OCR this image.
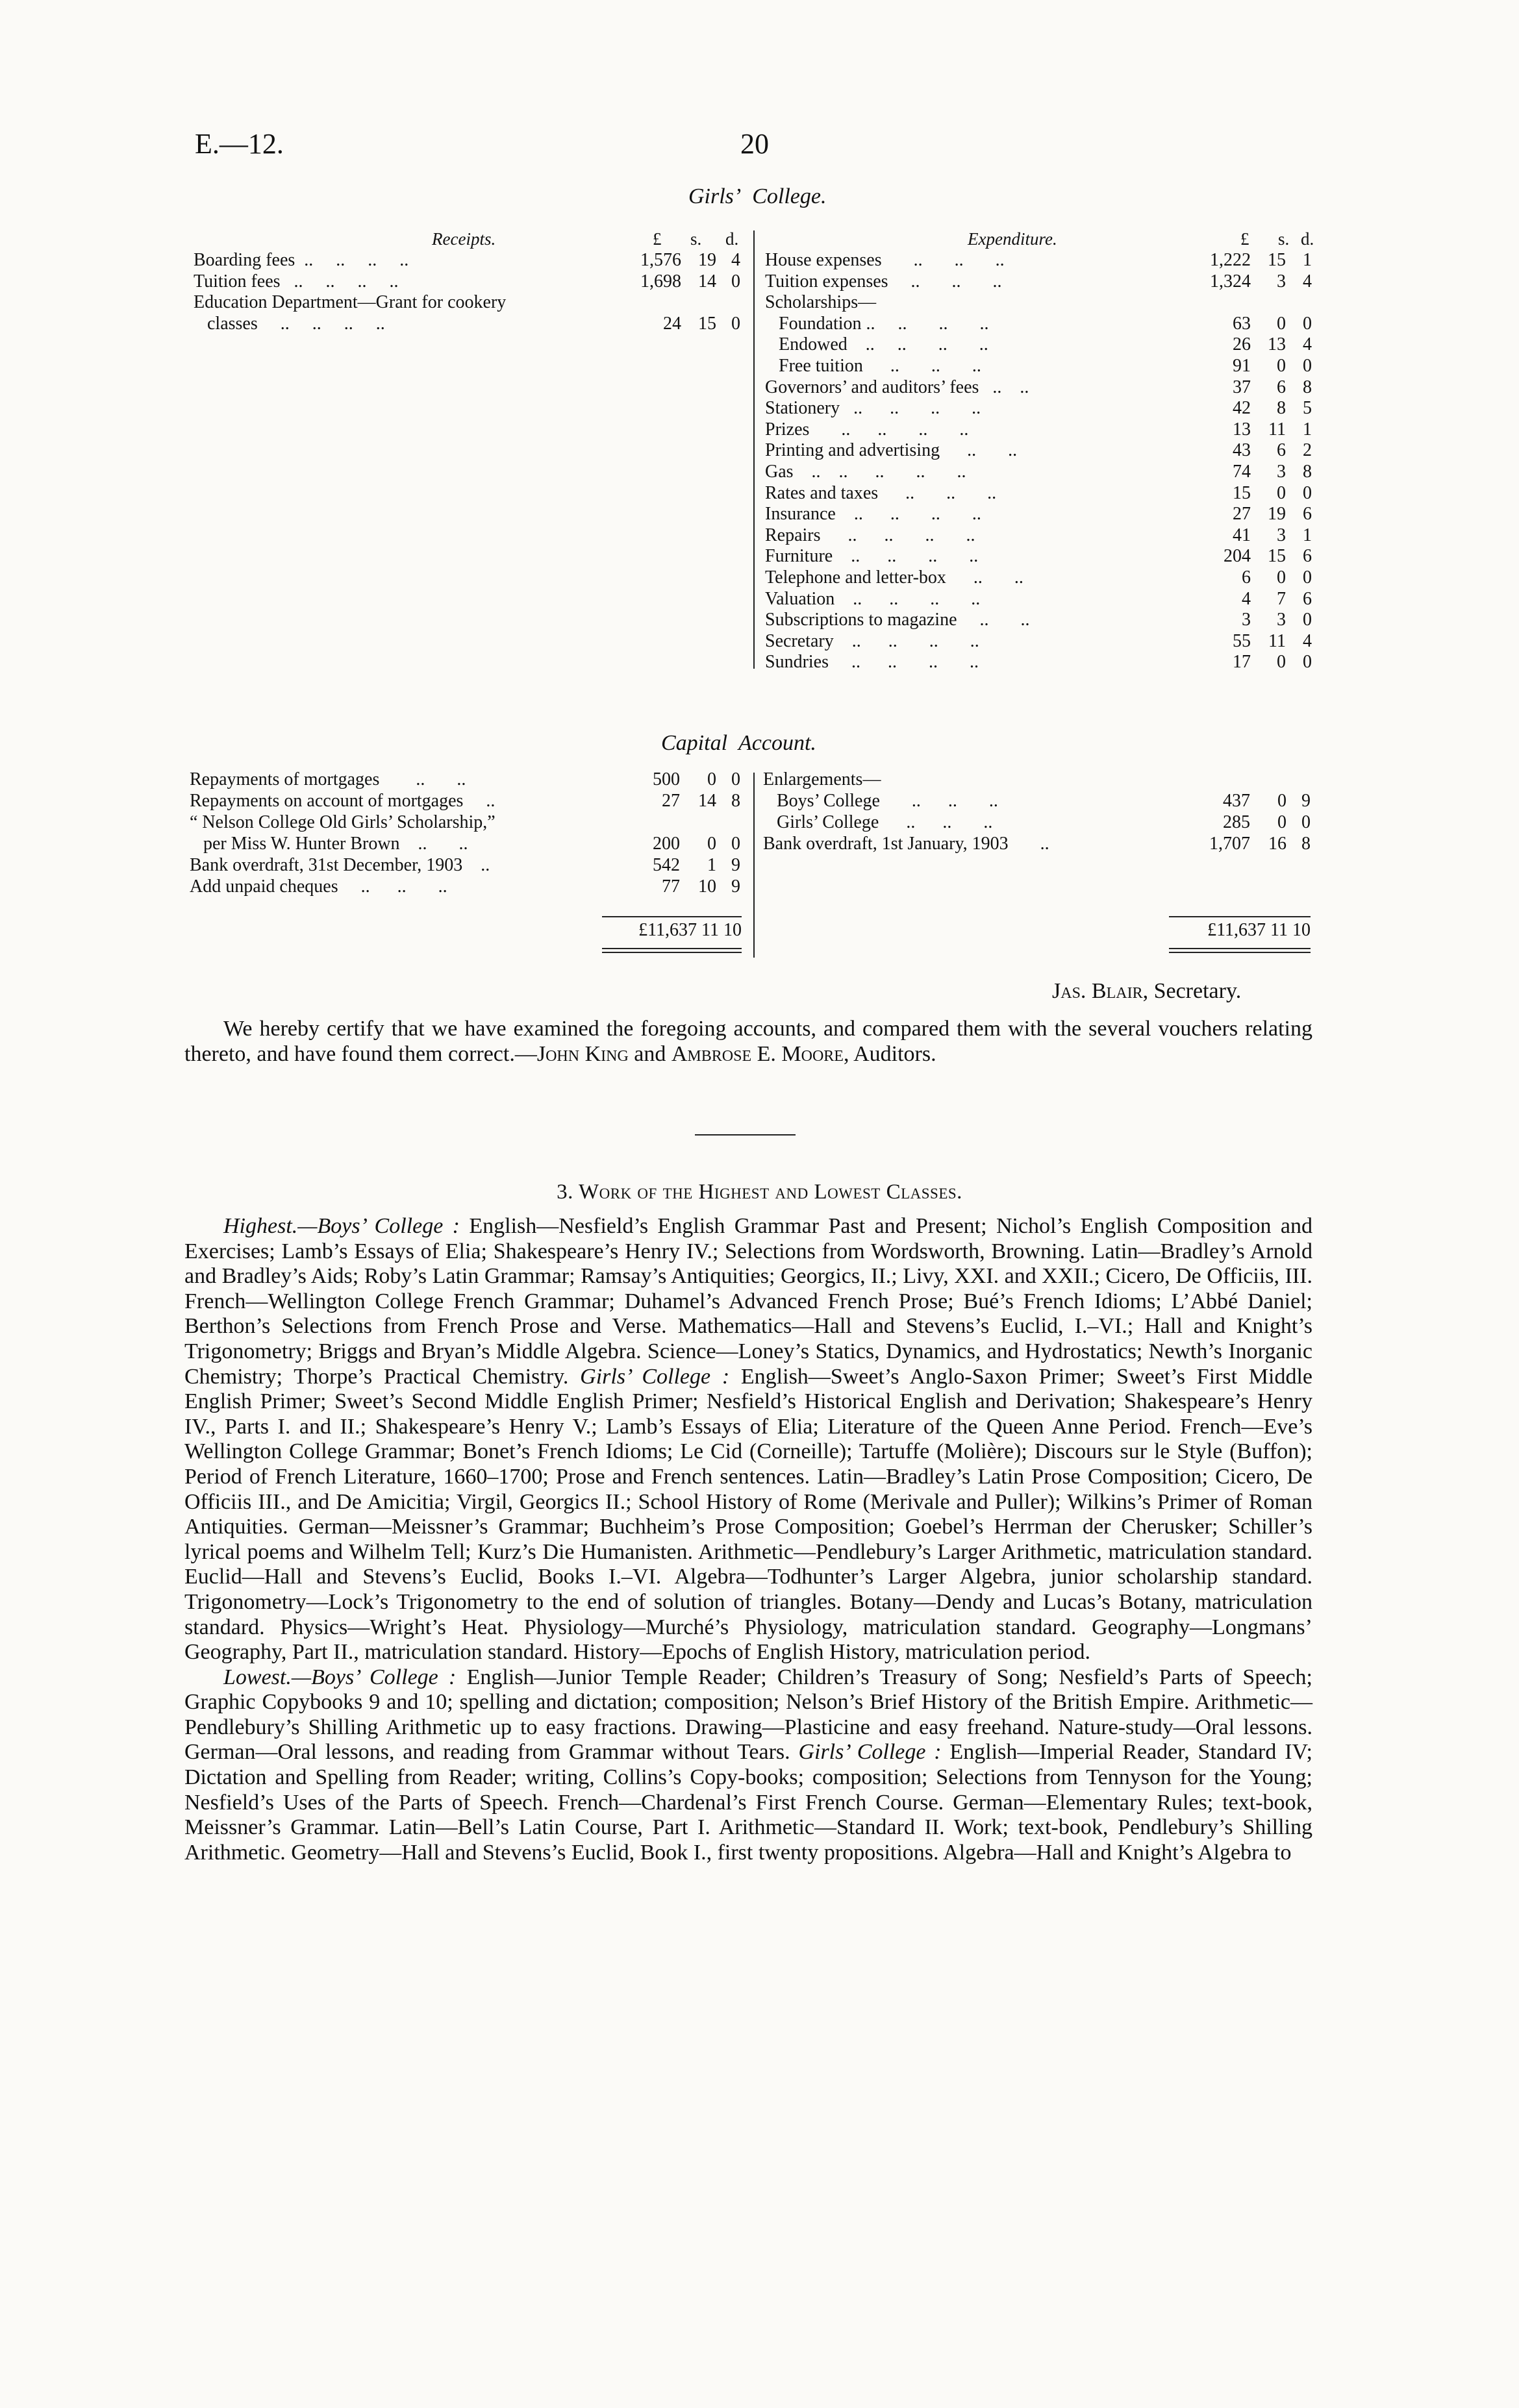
E.—12.	20
Girls’ College.
Receipts.	£ s. d.	Expenditure.	£ s. d.
Boarding fees  ..     ..     ..     ..	1,576 19 4
Tuition fees   ..     ..     ..     ..	1,698 14 0
Education Department—Grant for cookery
classes     ..     ..     ..     ..	24 15 0
House expenses       ..       ..       ..	1,222 15 1
Tuition expenses     ..       ..       ..	1,324 3 4
Scholarships—
Foundation ..     ..       ..       ..	63 0 0
Endowed    ..     ..       ..       ..	26 13 4
Free tuition      ..       ..       ..	91 0 0
Governors’ and auditors’ fees   ..    ..	37 6 8
Stationery   ..      ..       ..       ..	42 8 5
Prizes       ..      ..       ..       ..	13 11 1
Printing and advertising      ..       ..	43 6 2
Gas    ..    ..      ..       ..       ..	74 3 8
Rates and taxes      ..       ..       ..	15 0 0
Insurance    ..      ..       ..       ..	27 19 6
Repairs      ..      ..       ..       ..	41 3 1
Furniture    ..      ..       ..       ..	204 15 6
Telephone and letter-box      ..       ..	6 0 0
Valuation    ..      ..       ..       ..	4 7 6
Subscriptions to magazine     ..       ..	3 3 0
Secretary    ..      ..       ..       ..	55 11 4
Sundries     ..      ..       ..       ..	17 0 0
Capital Account.
Repayments of mortgages        ..       ..	500 0 0
Repayments on account of mortgages     ..	27 14 8
“ Nelson College Old Girls’ Scholarship,”
per Miss W. Hunter Brown    ..       ..	200 0 0
Bank overdraft, 31st December, 1903    ..	542 1 9
Add unpaid cheques     ..      ..       ..	77 10 9
Enlargements—
Boys’ College       ..      ..       ..	437 0 9
Girls’ College      ..      ..       ..	285 0 0
Bank overdraft, 1st January, 1903       ..	1,707 16 8
£11,637 11 10	£11,637 11 10
Jas. Blair, Secretary.

We hereby certify that we have examined the foregoing accounts, and compared them with the several vouchers relating thereto, and have found them correct.—John King and Ambrose E. Moore, Auditors.

3. Work of the Highest and Lowest Classes.

Highest.—Boys’ College : English—Nesfield’s English Grammar Past and Present; Nichol’s English Composition and Exercises; Lamb’s Essays of Elia; Shakespeare’s Henry IV.; Selections from Wordsworth, Browning. Latin—Bradley’s Arnold and Bradley’s Aids; Roby’s Latin Grammar; Ramsay’s Antiquities; Georgics, II.; Livy, XXI. and XXII.; Cicero, De Officiis, III. French—Wellington College French Grammar; Duhamel’s Advanced French Prose; Bué’s French Idioms; L’Abbé Daniel; Berthon’s Selections from French Prose and Verse. Mathematics—Hall and Stevens’s Euclid, I.–VI.; Hall and Knight’s Trigonometry; Briggs and Bryan’s Middle Algebra. Science—Loney’s Statics, Dynamics, and Hydrostatics; Newth’s Inorganic Chemistry; Thorpe’s Practical Chemistry. Girls’ College : English—Sweet’s Anglo-Saxon Primer; Sweet’s First Middle English Primer; Sweet’s Second Middle English Primer; Nesfield’s Historical English and Derivation; Shakespeare’s Henry IV., Parts I. and II.; Shakespeare’s Henry V.; Lamb’s Essays of Elia; Literature of the Queen Anne Period. French—Eve’s Wellington College Grammar; Bonet’s French Idioms; Le Cid (Corneille); Tartuffe (Molière); Discours sur le Style (Buffon); Period of French Literature, 1660–1700; Prose and French sentences. Latin—Bradley’s Latin Prose Composition; Cicero, De Officiis III., and De Amicitia; Virgil, Georgics II.; School History of Rome (Merivale and Puller); Wilkins’s Primer of Roman Antiquities. German—Meissner’s Grammar; Buchheim’s Prose Composition; Goebel’s Herrman der Cherusker; Schiller’s lyrical poems and Wilhelm Tell; Kurz’s Die Humanisten. Arithmetic—Pendlebury’s Larger Arithmetic, matriculation standard. Euclid—Hall and Stevens’s Euclid, Books I.–VI. Algebra—Todhunter’s Larger Algebra, junior scholarship standard. Trigonometry—Lock’s Trigonometry to the end of solution of triangles. Botany—Dendy and Lucas’s Botany, matriculation standard. Physics—Wright’s Heat. Physiology—Murché’s Physiology, matriculation standard. Geography—Longmans’ Geography, Part II., matriculation standard. History—Epochs of English History, matriculation period.

Lowest.—Boys’ College : English—Junior Temple Reader; Children’s Treasury of Song; Nesfield’s Parts of Speech; Graphic Copybooks 9 and 10; spelling and dictation; composition; Nelson’s Brief History of the British Empire. Arithmetic—Pendlebury’s Shilling Arithmetic up to easy fractions. Drawing—Plasticine and easy freehand. Nature-study—Oral lessons. German—Oral lessons, and reading from Grammar without Tears. Girls’ College : English—Imperial Reader, Standard IV; Dictation and Spelling from Reader; writing, Collins’s Copy-books; composition; Selections from Tennyson for the Young; Nesfield’s Uses of the Parts of Speech. French—Chardenal’s First French Course. German—Elementary Rules; text-book, Meissner’s Grammar. Latin—Bell’s Latin Course, Part I. Arithmetic—Standard II. Work; text-book, Pendlebury’s Shilling Arithmetic. Geometry—Hall and Stevens’s Euclid, Book I., first twenty propositions. Algebra—Hall and Knight’s Algebra to
